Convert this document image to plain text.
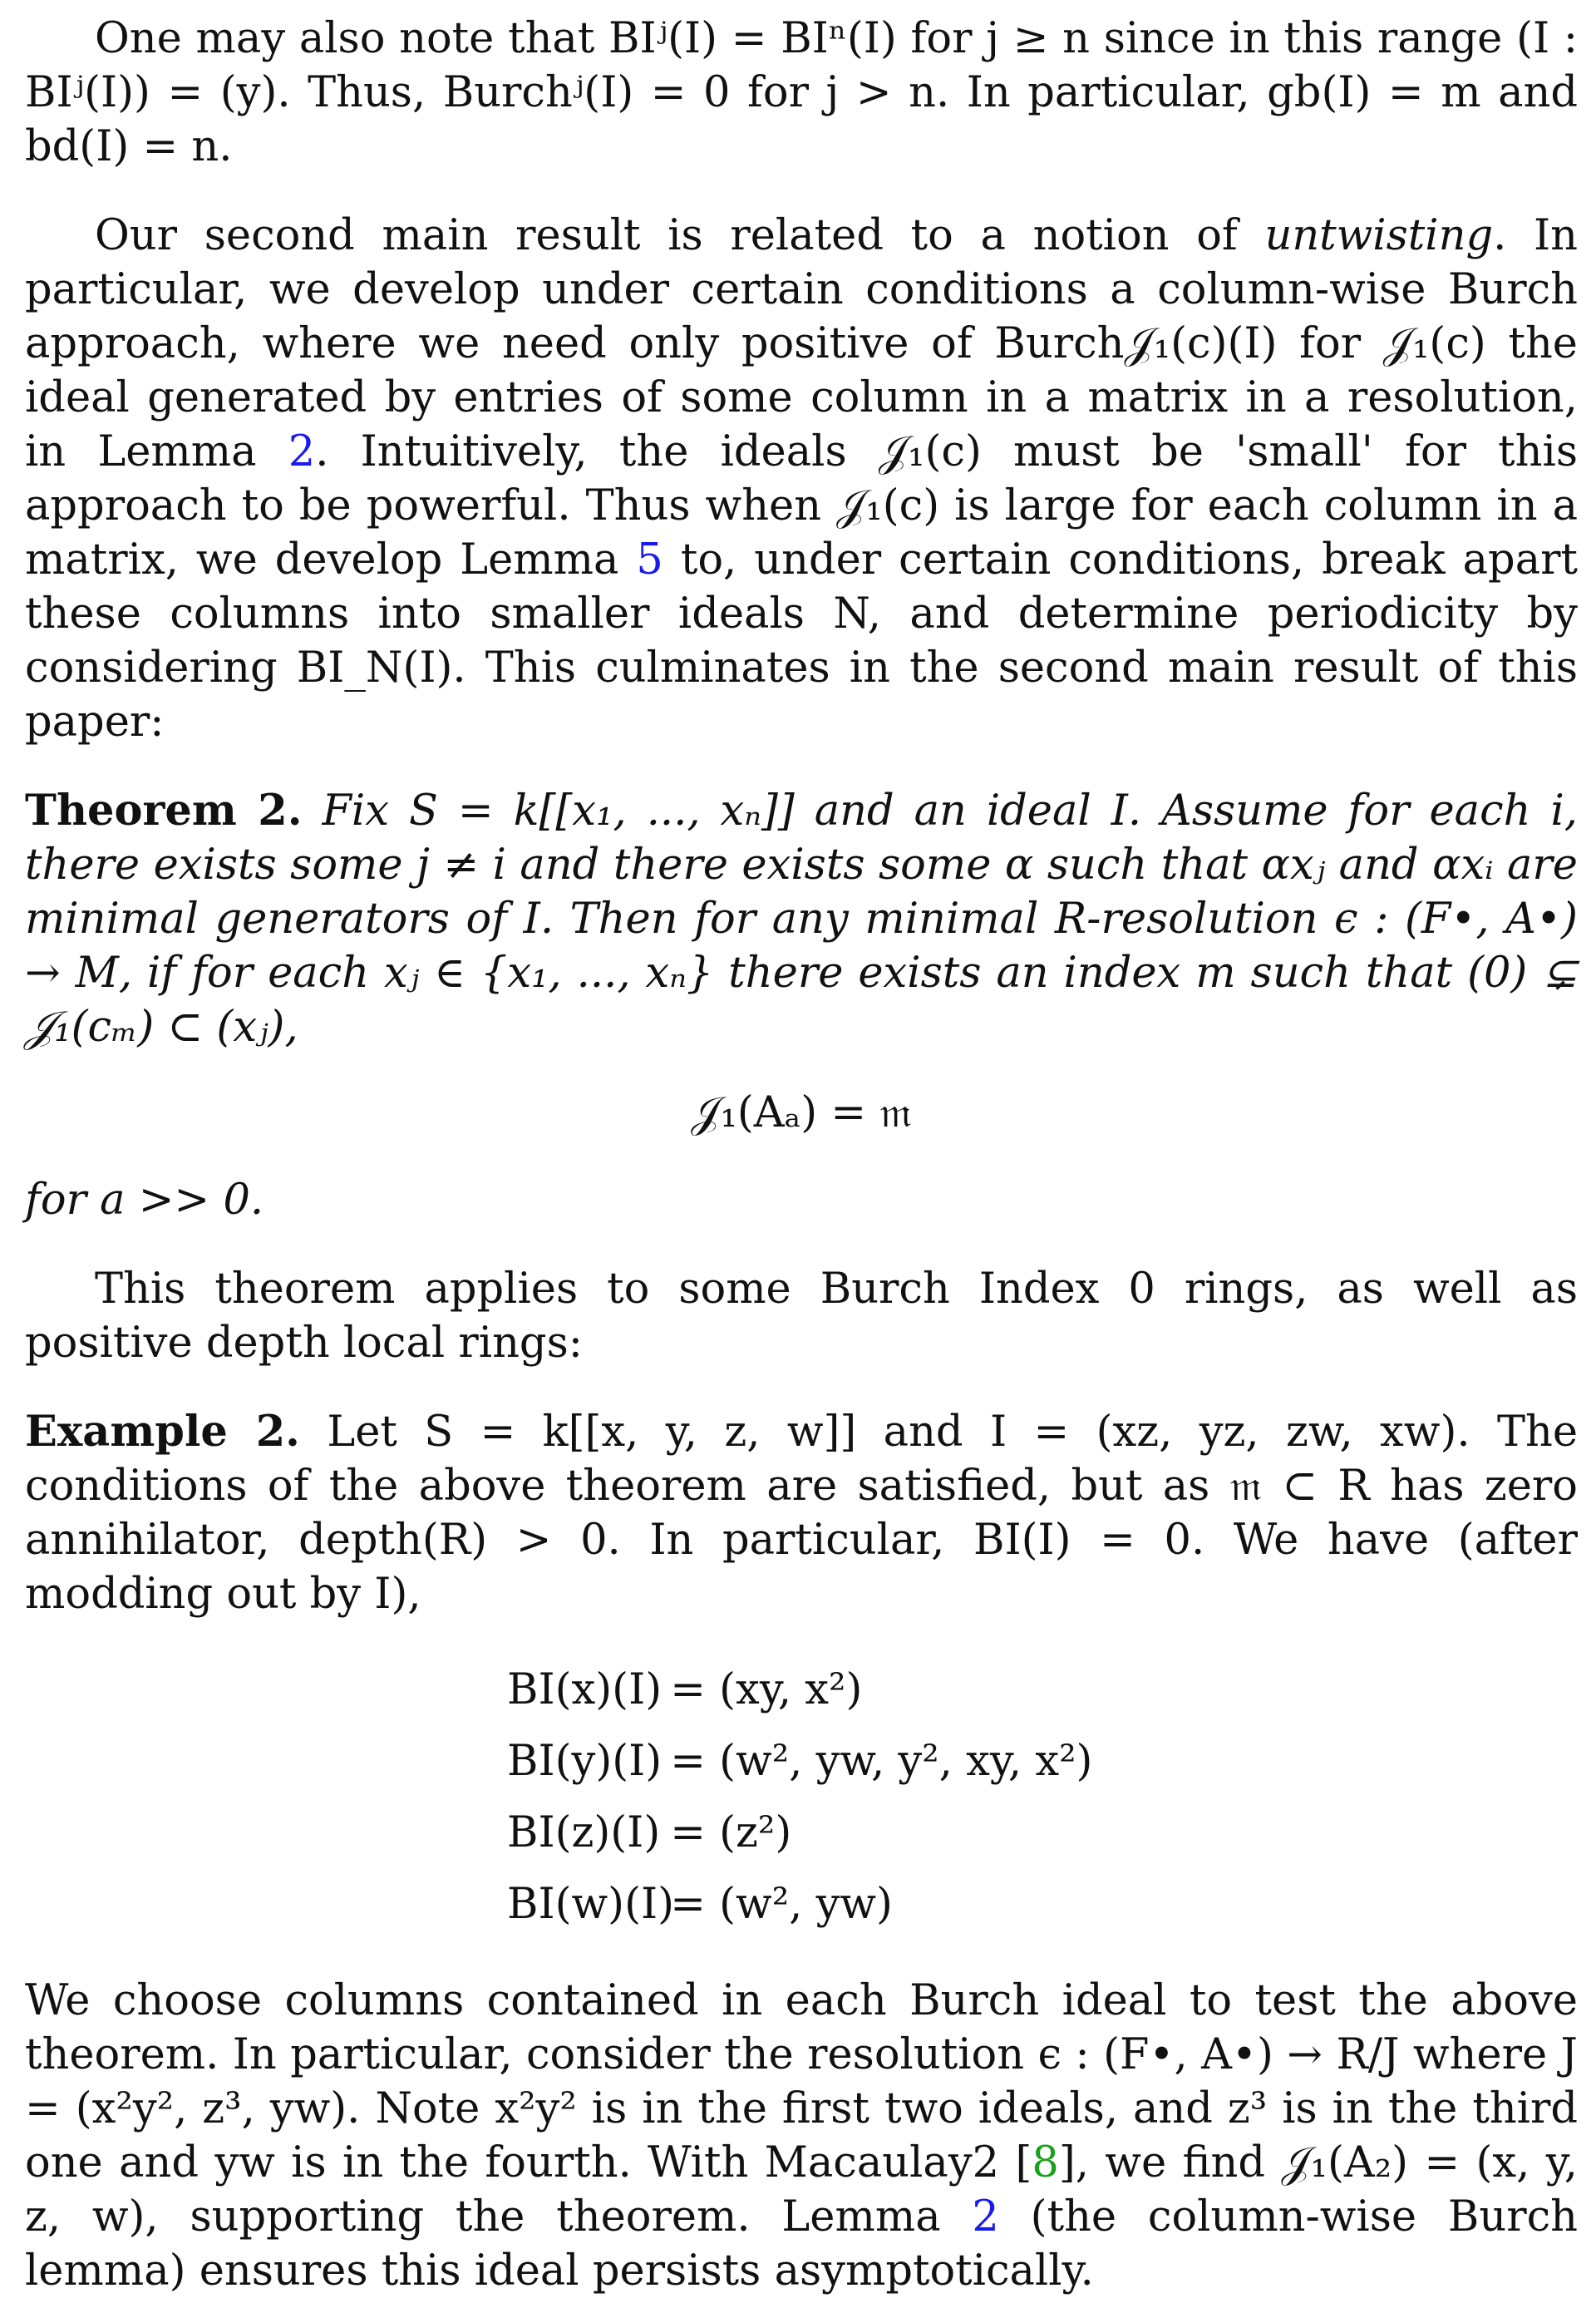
One may also note that BIʲ(I) = BIⁿ(I) for j ≥ n since in this range (I : BIʲ(I)) = (y). Thus, Burchʲ(I) = 0 for j > n. In particular, gb(I) = m and bd(I) = n.

Our second main result is related to a notion of untwisting. In particular, we develop under certain conditions a column-wise Burch approach, where we need only positive of Burch𝒥₁(c)(I) for 𝒥₁(c) the ideal generated by entries of some column in a matrix in a resolution, in Lemma 2. Intuitively, the ideals 𝒥₁(c) must be 'small' for this approach to be powerful. Thus when 𝒥₁(c) is large for each column in a matrix, we develop Lemma 5 to, under certain conditions, break apart these columns into smaller ideals N, and determine periodicity by considering BI_N(I). This culminates in the second main result of this paper:

Theorem 2. Fix S = k[[x₁, ..., xₙ]] and an ideal I. Assume for each i, there exists some j ≠ i and there exists some α such that αxⱼ and αxᵢ are minimal generators of I. Then for any minimal R-resolution ϵ : (F•, A•) → M, if for each xⱼ ∈ {x₁, ..., xₙ} there exists an index m such that (0) ⊊ 𝒥₁(cₘ) ⊂ (xⱼ),

𝒥₁(Aₐ) = 𝔪

for a >> 0.

This theorem applies to some Burch Index 0 rings, as well as positive depth local rings:

Example 2. Let S = k[[x, y, z, w]] and I = (xz, yz, zw, xw). The conditions of the above theorem are satisfied, but as 𝔪 ⊂ R has zero annihilator, depth(R) > 0. In particular, BI(I) = 0. We have (after modding out by I),

BI(x)(I) = (xy, x²)
BI(y)(I) = (w², yw, y², xy, x²)
BI(z)(I) = (z²)
BI(w)(I) = (w², yw)

We choose columns contained in each Burch ideal to test the above theorem. In particular, consider the resolution ϵ : (F•, A•) → R/J where J = (x²y², z³, yw). Note x²y² is in the first two ideals, and z³ is in the third one and yw is in the fourth. With Macaulay2 [8], we find 𝒥₁(A₂) = (x, y, z, w), supporting the theorem. Lemma 2 (the column-wise Burch lemma) ensures this ideal persists asymptotically.
